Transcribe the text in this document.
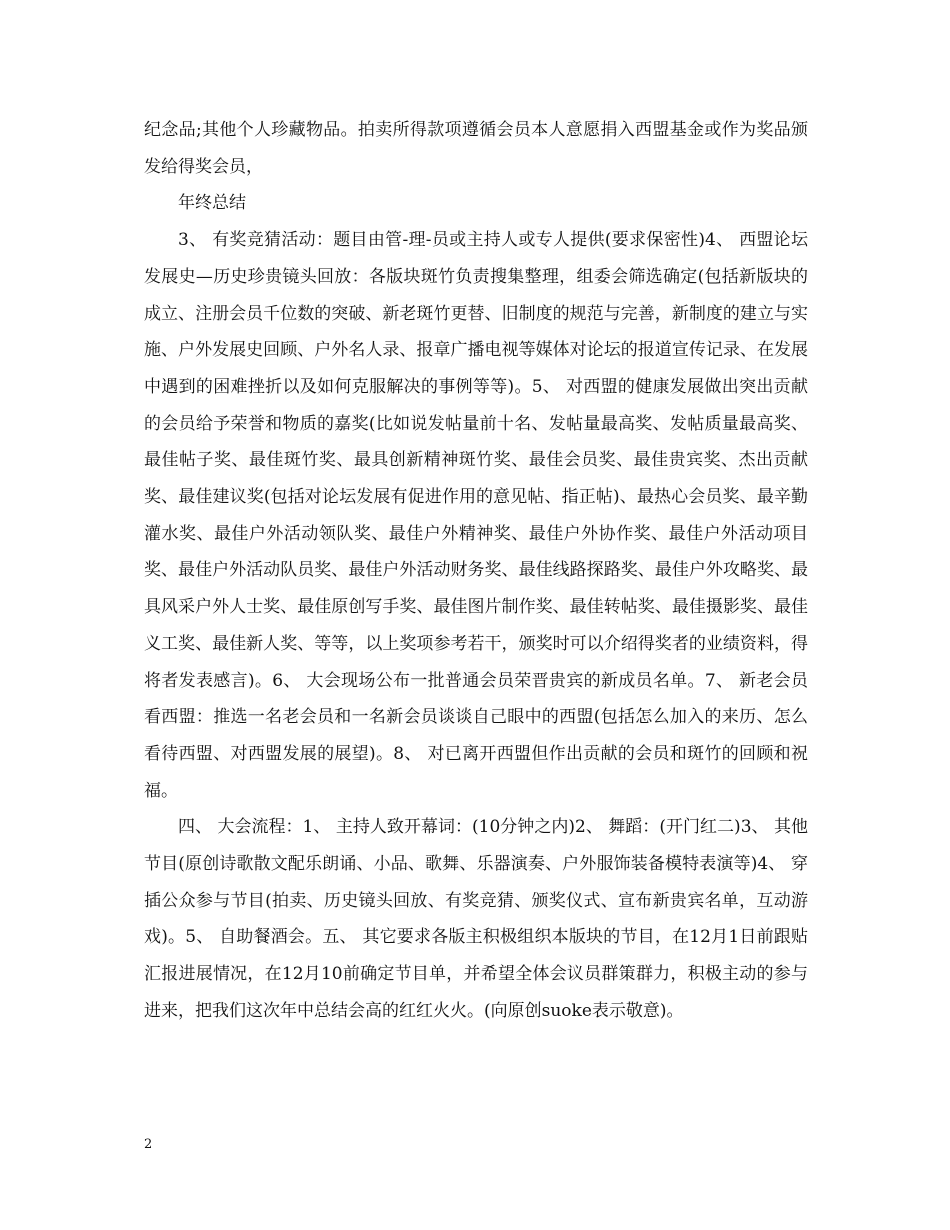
纪念品;其他个人珍藏物品。拍卖所得款项遵循会员本人意愿捐入西盟基金或作为奖品颁发给得奖会员，

年终总结

3、 有奖竞猜活动：题目由管-理-员或主持人或专人提供(要求保密性)4、 西盟论坛发展史—历史珍贵镜头回放：各版块斑竹负责搜集整理，组委会筛选确定(包括新版块的成立、注册会员千位数的突破、新老斑竹更替、旧制度的规范与完善，新制度的建立与实施、户外发展史回顾、户外名人录、报章广播电视等媒体对论坛的报道宣传记录、在发展中遇到的困难挫折以及如何克服解决的事例等等)。5、 对西盟的健康发展做出突出贡献的会员给予荣誉和物质的嘉奖(比如说发帖量前十名、发帖量最高奖、发帖质量最高奖、最佳帖子奖、最佳斑竹奖、最具创新精神斑竹奖、最佳会员奖、最佳贵宾奖、杰出贡献奖、最佳建议奖(包括对论坛发展有促进作用的意见帖、指正帖)、最热心会员奖、最辛勤灌水奖、最佳户外活动领队奖、最佳户外精神奖、最佳户外协作奖、最佳户外活动项目奖、最佳户外活动队员奖、最佳户外活动财务奖、最佳线路探路奖、最佳户外攻略奖、最具风采户外人士奖、最佳原创写手奖、最佳图片制作奖、最佳转帖奖、最佳摄影奖、最佳义工奖、最佳新人奖、等等，以上奖项参考若干，颁奖时可以介绍得奖者的业绩资料，得将者发表感言)。6、 大会现场公布一批普通会员荣晋贵宾的新成员名单。7、 新老会员看西盟：推选一名老会员和一名新会员谈谈自己眼中的西盟(包括怎么加入的来历、怎么看待西盟、对西盟发展的展望)。8、 对已离开西盟但作出贡献的会员和斑竹的回顾和祝福。

四、 大会流程：1、 主持人致开幕词：(10分钟之内)2、 舞蹈：(开门红二)3、 其他节目(原创诗歌散文配乐朗诵、小品、歌舞、乐器演奏、户外服饰装备模特表演等)4、 穿插公众参与节目(拍卖、历史镜头回放、有奖竞猜、颁奖仪式、宣布新贵宾名单，互动游戏)。5、 自助餐酒会。五、 其它要求各版主积极组织本版块的节目，在12月1日前跟贴汇报进展情况，在12月10前确定节目单，并希望全体会议员群策群力，积极主动的参与进来，把我们这次年中总结会高的红红火火。(向原创suoke表示敬意)。

2
